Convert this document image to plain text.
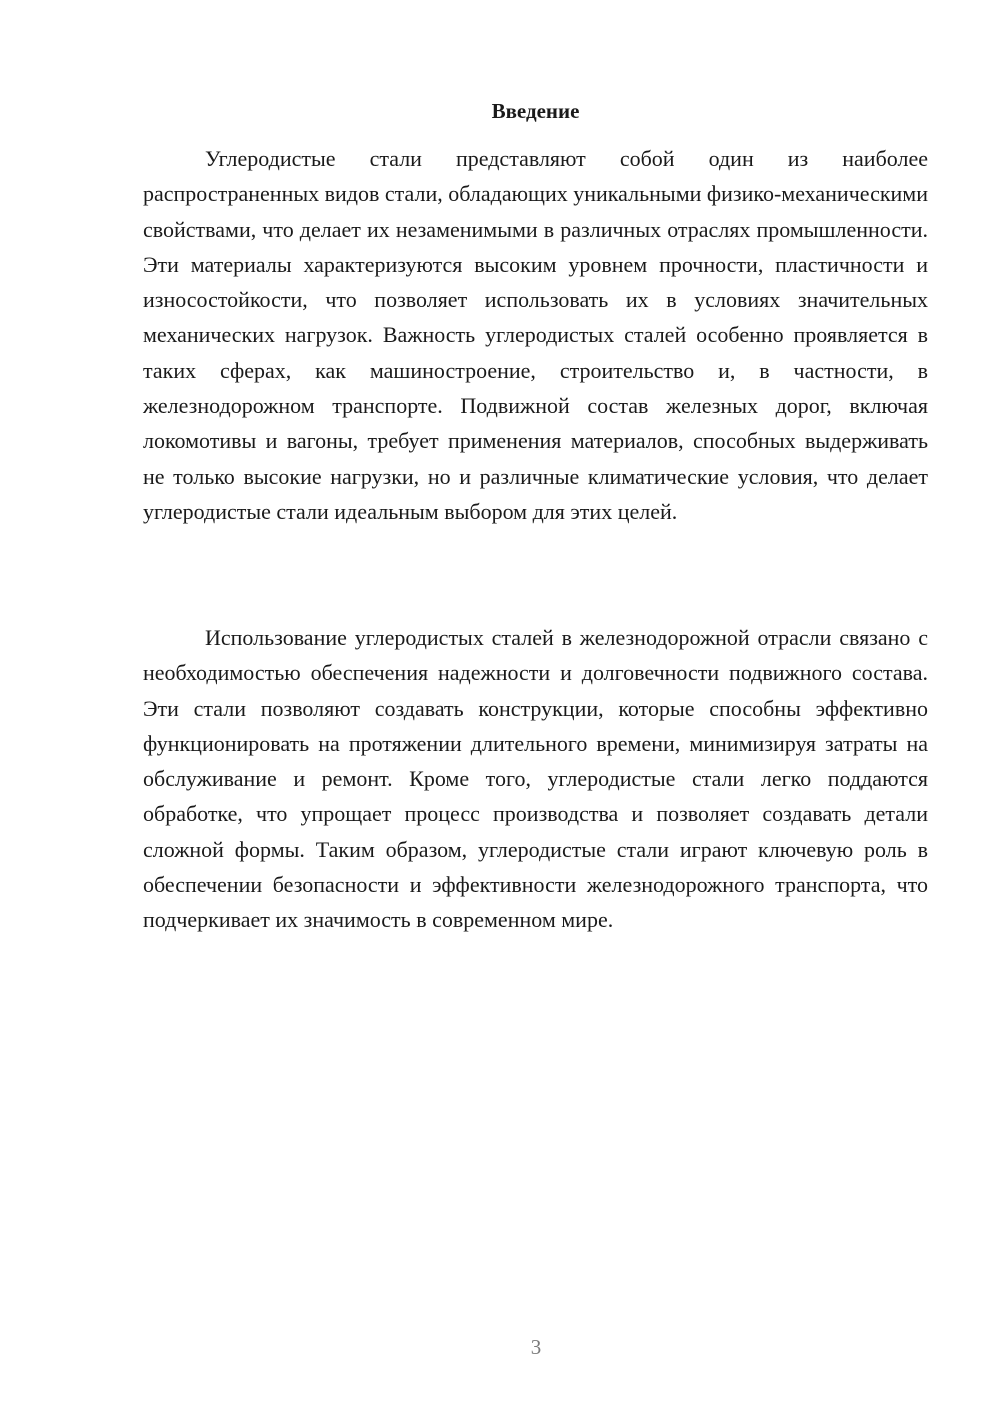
Введение

Углеродистые стали представляют собой один из наиболее распространенных видов стали, обладающих уникальными физико-механическими свойствами, что делает их незаменимыми в различных отраслях промышленности. Эти материалы характеризуются высоким уровнем прочности, пластичности и износостойкости, что позволяет использовать их в условиях значительных механических нагрузок. Важность углеродистых сталей особенно проявляется в таких сферах, как машиностроение, строительство и, в частности, в железнодорожном транспорте. Подвижной состав железных дорог, включая локомотивы и вагоны, требует применения материалов, способных выдерживать не только высокие нагрузки, но и различные климатические условия, что делает углеродистые стали идеальным выбором для этих целей.

Использование углеродистых сталей в железнодорожной отрасли связано с необходимостью обеспечения надежности и долговечности подвижного состава. Эти стали позволяют создавать конструкции, которые способны эффективно функционировать на протяжении длительного времени, минимизируя затраты на обслуживание и ремонт. Кроме того, углеродистые стали легко поддаются обработке, что упрощает процесс производства и позволяет создавать детали сложной формы. Таким образом, углеродистые стали играют ключевую роль в обеспечении безопасности и эффективности железнодорожного транспорта, что подчеркивает их значимость в современном мире.

3
